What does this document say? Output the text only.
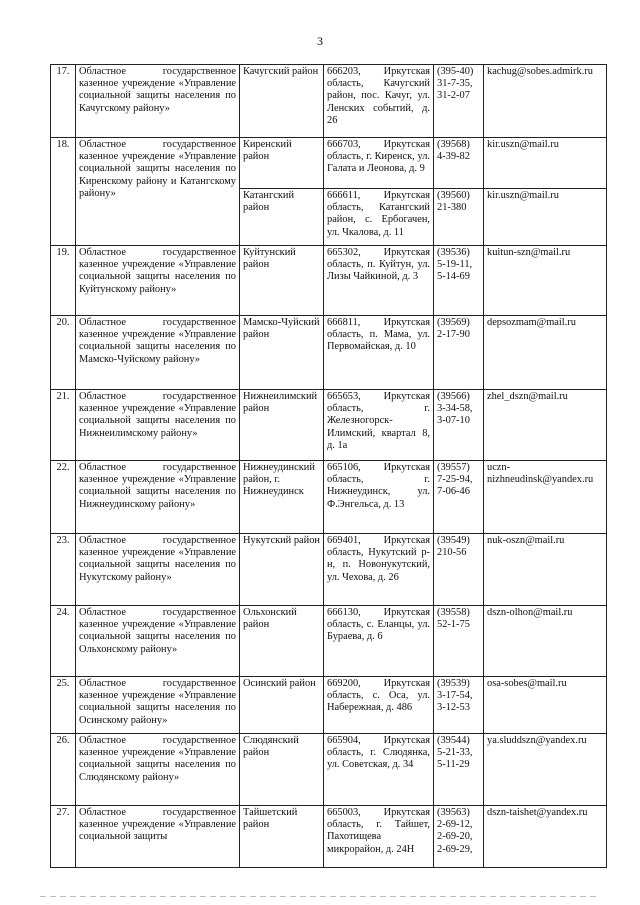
3
17.	Областное государственное казенное учреждение «Управление социальной защиты населения по Качугскому району»	Качугский район	666203, Иркутская область, Качугский район, пос. Качуг, ул. Ленских событий, д. 26	(395-40) 31-7-35, 31-2-07	kachug@sobes.admirk.ru
18.	Областное государственное казенное учреждение «Управление социальной защиты населения по Киренскому району и Катангскому району»	Киренский район	666703, Иркутская область, г. Киренск, ул. Галата и Леонова, д. 9	(39568) 4-39-82	kir.uszn@mail.ru
		Катангский район	666611, Иркутская область, Катангский район, с. Ербогачен, ул. Чкалова, д. 11	(39560) 21-380	kir.uszn@mail.ru
19.	Областное государственное казенное учреждение «Управление социальной защиты населения по Куйтунскому району»	Куйтунский район	665302, Иркутская область, п. Куйтун, ул. Лизы Чайкиной, д. 3	(39536) 5-19-11, 5-14-69	kuitun-szn@mail.ru
20.	Областное государственное казенное учреждение «Управление социальной защиты населения по Мамско-Чуйскому району»	Мамско-Чуйский район	666811, Иркутская область, п. Мама, ул. Первомайская, д. 10	(39569) 2-17-90	depsozmam@mail.ru
21.	Областное государственное казенное учреждение «Управление социальной защиты населения по Нижнеилимскому району»	Нижнеилимский район	665653, Иркутская область, г. Железногорск-Илимский, квартал 8, д. 1а	(39566) 3-34-58, 3-07-10	zhel_dszn@mail.ru
22.	Областное государственное казенное учреждение «Управление социальной защиты населения по Нижнеудинскому району»	Нижнеудинский район, г. Нижнеудинск	665106, Иркутская область, г. Нижнеудинск, ул. Ф.Энгельса, д. 13	(39557) 7-25-94, 7-06-46	uczn-nizhneudinsk@yandex.ru
23.	Областное государственное казенное учреждение «Управление социальной защиты населения по Нукутскому району»	Нукутский район	669401, Иркутская область, Нукутский р-н, п. Новонукутский, ул. Чехова, д. 26	(39549) 210-56	nuk-oszn@mail.ru
24.	Областное государственное казенное учреждение «Управление социальной защиты населения по Ольхонскому району»	Ольхонский район	666130, Иркутская область, с. Еланцы, ул. Бураева, д. 6	(39558) 52-1-75	dszn-olhon@mail.ru
25.	Областное государственное казенное учреждение «Управление социальной защиты населения по Осинскому району»	Осинский район	669200, Иркутская область, с. Оса, ул. Набережная, д. 486	(39539) 3-17-54, 3-12-53	osa-sobes@mail.ru
26.	Областное государственное казенное учреждение «Управление социальной защиты населения по Слюдянскому району»	Слюдянский район	665904, Иркутская область, г. Слюдянка, ул. Советская, д. 34	(39544) 5-21-33, 5-11-29	ya.sluddszn@yandex.ru
27.	Областное государственное казенное учреждение «Управление социальной защиты	Тайшетский район	665003, Иркутская область, г. Тайшет, Пахотищева микрорайон, д. 24Н	(39563) 2-69-12, 2-69-20, 2-69-29,	dszn-taishet@yandex.ru
